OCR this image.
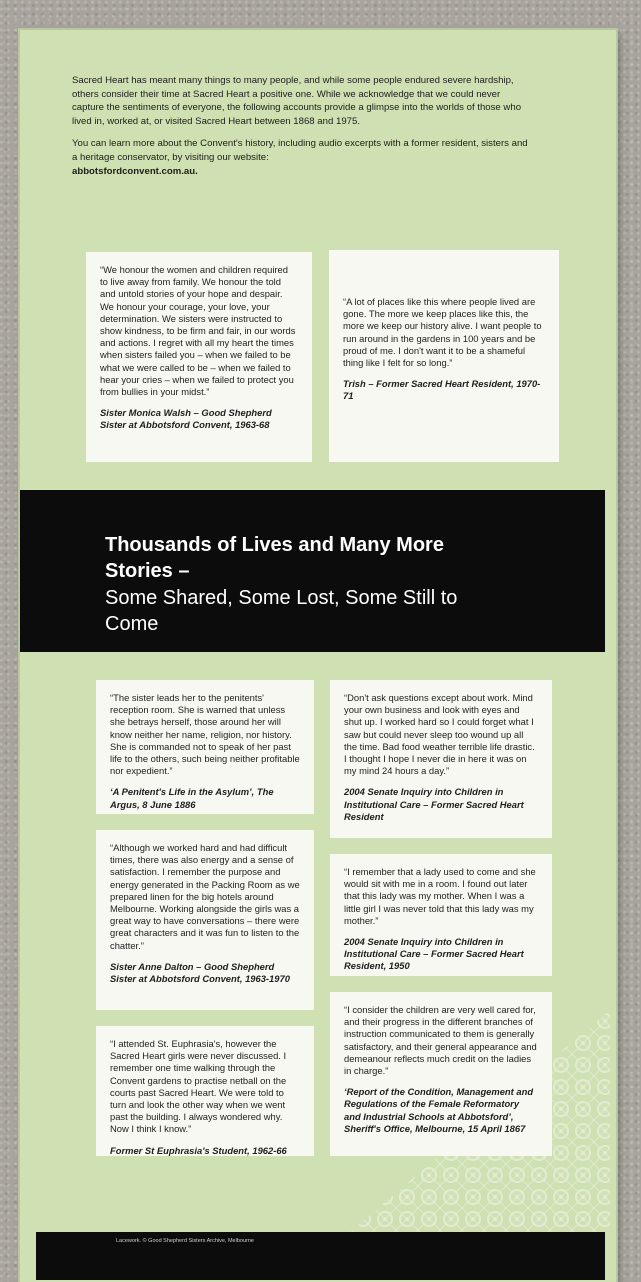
Sacred Heart has meant many things to many people, and while some people endured severe hardship, others consider their time at Sacred Heart a positive one. While we acknowledge that we could never capture the sentiments of everyone, the following accounts provide a glimpse into the worlds of those who lived in, worked at, or visited Sacred Heart between 1868 and 1975.

You can learn more about the Convent's history, including audio excerpts with a former resident, sisters and a heritage conservator, by visiting our website:
abbotsfordconvent.com.au.

“We honour the women and children required to live away from family. We honour the told and untold stories of your hope and despair. We honour your courage, your love, your determination. We sisters were instructed to show kindness, to be firm and fair, in our words and actions. I regret with all my heart the times when sisters failed you – when we failed to be what we were called to be – when we failed to hear your cries – when we failed to protect you from bullies in your midst.”

Sister Monica Walsh – Good Shepherd Sister at Abbotsford Convent, 1963-68

“A lot of places like this where people lived are gone. The more we keep places like this, the more we keep our history alive. I want people to run around in the gardens in 100 years and be proud of me. I don't want it to be a shameful thing like I felt for so long.”

Trish – Former Sacred Heart Resident, 1970-71
Thousands of Lives and Many More Stories –
Some Shared, Some Lost, Some Still to Come

“The sister leads her to the penitents' reception room. She is warned that unless she betrays herself, those around her will know neither her name, religion, nor history. She is commanded not to speak of her past life to the others, such being neither profitable nor expedient.”

‘A Penitent's Life in the Asylum’, The Argus, 8 June 1886

“Don't ask questions except about work. Mind your own business and look with eyes and shut up. I worked hard so I could forget what I saw but could never sleep too wound up all the time. Bad food weather terrible life drastic. I thought I hope I never die in here it was on my mind 24 hours a day.”

2004 Senate Inquiry into Children in Institutional Care – Former Sacred Heart Resident

“Although we worked hard and had difficult times, there was also energy and a sense of satisfaction. I remember the purpose and energy generated in the Packing Room as we prepared linen for the big hotels around Melbourne. Working alongside the girls was a great way to have conversations – there were great characters and it was fun to listen to the chatter.”

Sister Anne Dalton – Good Shepherd Sister at Abbotsford Convent, 1963-1970

“I remember that a lady used to come and she would sit with me in a room. I found out later that this lady was my mother. When I was a little girl I was never told that this lady was my mother.”

2004 Senate Inquiry into Children in Institutional Care – Former Sacred Heart Resident, 1950

“I attended St. Euphrasia's, however the Sacred Heart girls were never discussed. I remember one time walking through the Convent gardens to practise netball on the courts past Sacred Heart. We were told to turn and look the other way when we went past the building. I always wondered why. Now I think I know.”

Former St Euphrasia's Student, 1962-66

“I consider the children are very well cared for, and their progress in the different branches of instruction communicated to them is generally satisfactory, and their general appearance and demeanour reflects much credit on the ladies in charge.”

‘Report of the Condition, Management and Regulations of the Female Reformatory and Industrial Schools at Abbotsford’, Sheriff's Office, Melbourne, 15 April 1867
Lacework. © Good Shepherd Sisters Archive, Melbourne
